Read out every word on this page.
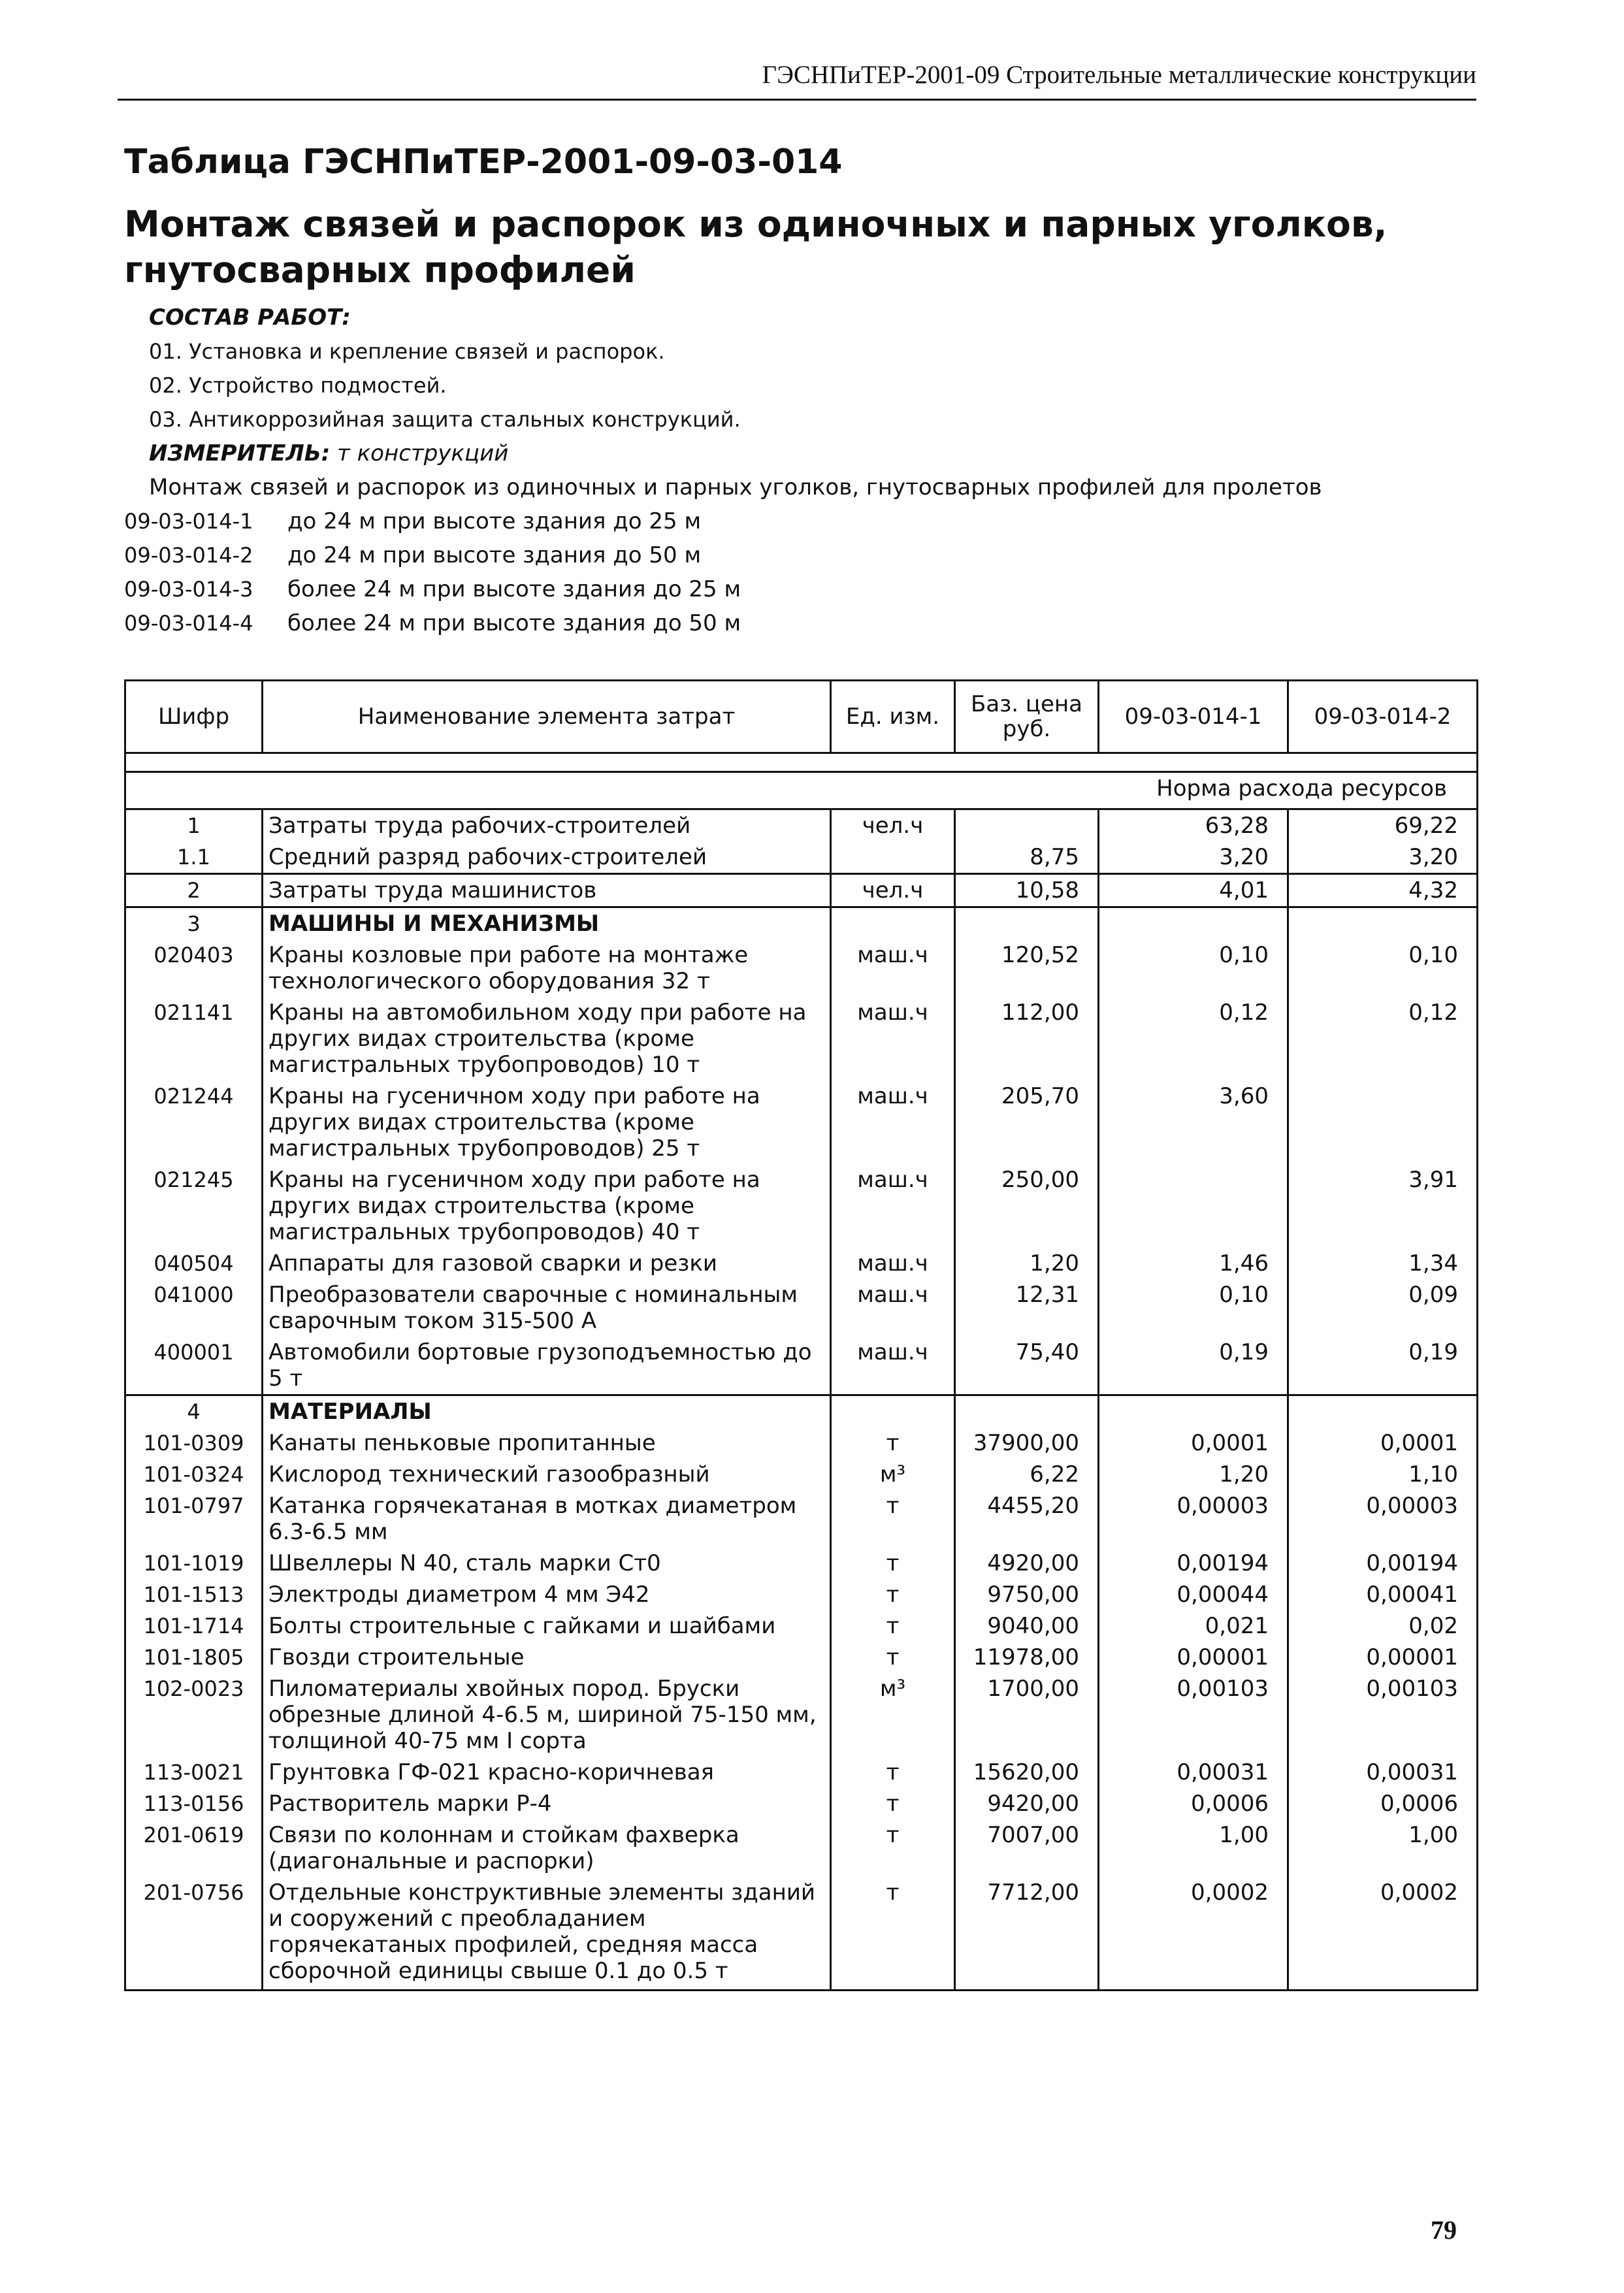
ГЭСНПиТЕР-2001-09 Строительные металлические конструкции
Таблица ГЭСНПиТЕР-2001-09-03-014
Монтаж связей и распорок из одиночных и парных уголков,
гнутосварных профилей
СОСТАВ РАБОТ:
01. Установка и крепление связей и распорок.
02. Устройство подмостей.
03. Антикоррозийная защита стальных конструкций.
ИЗМЕРИТЕЛЬ: т конструкций
Монтаж связей и распорок из одиночных и парных уголков, гнутосварных профилей для пролетов
09-03-014-1 до 24 м при высоте здания до 25 м
09-03-014-2 до 24 м при высоте здания до 50 м
09-03-014-3 более 24 м при высоте здания до 25 м
09-03-014-4 более 24 м при высоте здания до 50 м
Шифр	Наименование элемента затрат	Ед. изм.	Баз. цена руб.	09-03-014-1	09-03-014-2

Норма расхода ресурсов					
1	Затраты труда рабочих-строителей	чел.ч		63,28	69,22
1.1	Средний разряд рабочих-строителей		8,75	3,20	3,20
2	Затраты труда машинистов	чел.ч	10,58	4,01	4,32
3	МАШИНЫ И МЕХАНИЗМЫ				
020403	Краны козловые при работе на монтаже технологического оборудования 32 т	маш.ч	120,52	0,10	0,10
021141	Краны на автомобильном ходу при работе на других видах строительства (кроме магистральных трубопроводов) 10 т	маш.ч	112,00	0,12	0,12
021244	Краны на гусеничном ходу при работе на других видах строительства (кроме магистральных трубопроводов) 25 т	маш.ч	205,70	3,60	
021245	Краны на гусеничном ходу при работе на других видах строительства (кроме магистральных трубопроводов) 40 т	маш.ч	250,00		3,91
040504	Аппараты для газовой сварки и резки	маш.ч	1,20	1,46	1,34
041000	Преобразователи сварочные с номинальным сварочным током 315-500 А	маш.ч	12,31	0,10	0,09
400001	Автомобили бортовые грузоподъемностью до 5 т	маш.ч	75,40	0,19	0,19
4	МАТЕРИАЛЫ				
101-0309	Канаты пеньковые пропитанные	т	37900,00	0,0001	0,0001
101-0324	Кислород технический газообразный	м³	6,22	1,20	1,10
101-0797	Катанка горячекатаная в мотках диаметром 6.3-6.5 мм	т	4455,20	0,00003	0,00003
101-1019	Швеллеры N 40, сталь марки Ст0	т	4920,00	0,00194	0,00194
101-1513	Электроды диаметром 4 мм Э42	т	9750,00	0,00044	0,00041
101-1714	Болты строительные с гайками и шайбами	т	9040,00	0,021	0,02
101-1805	Гвозди строительные	т	11978,00	0,00001	0,00001
102-0023	Пиломатериалы хвойных пород. Бруски обрезные длиной 4-6.5 м, шириной 75-150 мм, толщиной 40-75 мм I сорта	м³	1700,00	0,00103	0,00103
113-0021	Грунтовка ГФ-021 красно-коричневая	т	15620,00	0,00031	0,00031
113-0156	Растворитель марки Р-4	т	9420,00	0,0006	0,0006
201-0619	Связи по колоннам и стойкам фахверка (диагональные и распорки)	т	7007,00	1,00	1,00
201-0756	Отдельные конструктивные элементы зданий и сооружений с преобладанием горячекатаных профилей, средняя масса сборочной единицы свыше 0.1 до 0.5 т	т	7712,00	0,0002	0,0002
79
